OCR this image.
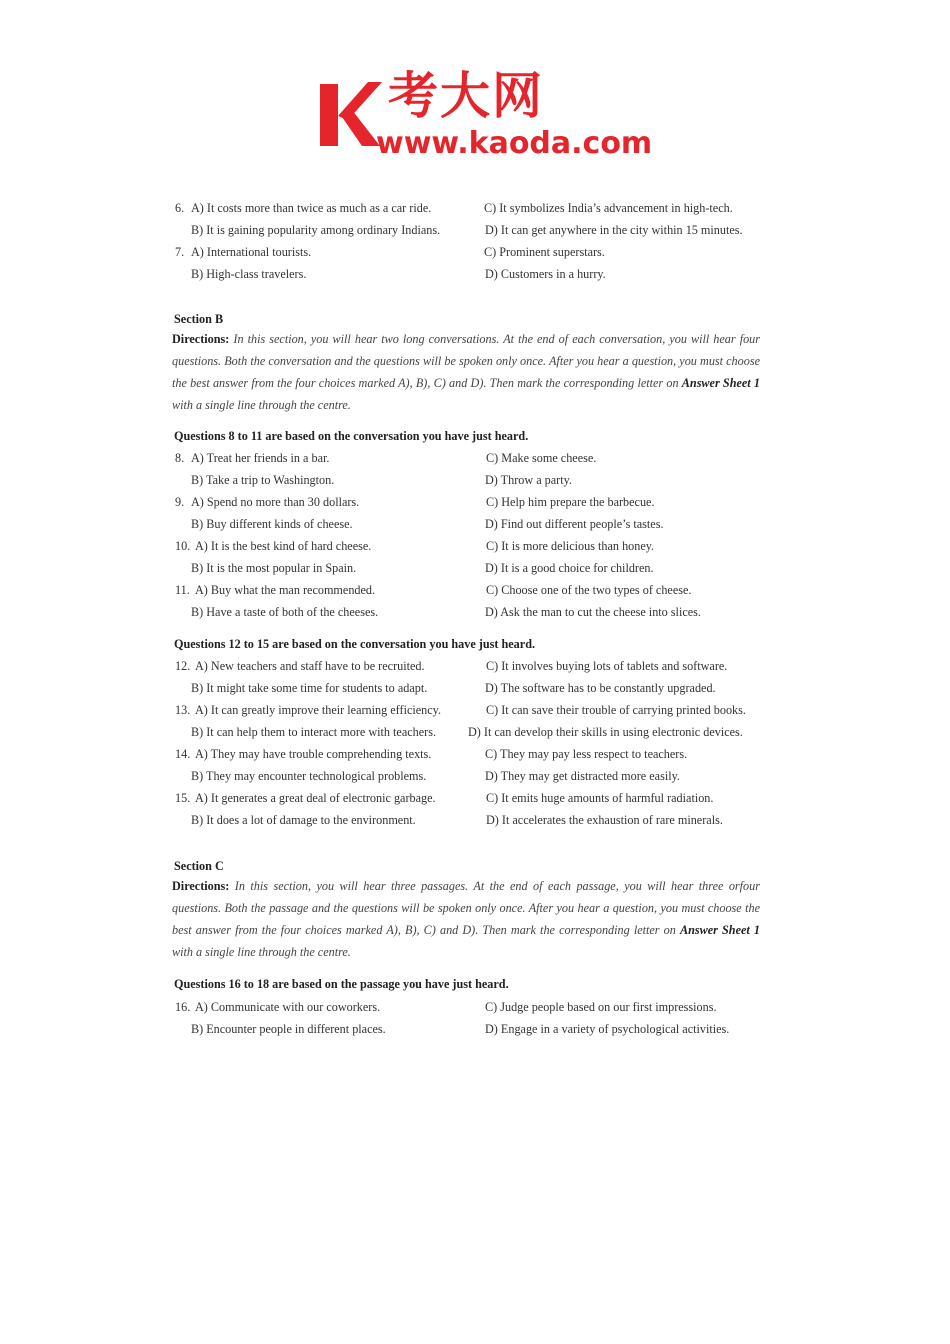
考大网
www.kaoda.com
6. A) It costs more than twice as much as a car ride.	C) It symbolizes India’s advancement in high-tech.
B) It is gaining popularity among ordinary Indians.	D) It can get anywhere in the city within 15 minutes.
7. A) International tourists.	C) Prominent superstars.
B) High-class travelers.	D) Customers in a hurry.
Section B
Directions: In this section, you will hear two long conversations. At the end of each conversation, you will hear four questions. Both the conversation and the questions will be spoken only once. After you hear a question, you must choose the best answer from the four choices marked A), B), C) and D). Then mark the corresponding letter on Answer Sheet 1 with a single line through the centre.
Questions 8 to 11 are based on the conversation you have just heard.
8. A) Treat her friends in a bar.	C) Make some cheese.
B) Take a trip to Washington.	D) Throw a party.
9. A) Spend no more than 30 dollars.	C) Help him prepare the barbecue.
B) Buy different kinds of cheese.	D) Find out different people’s tastes.
10. A) It is the best kind of hard cheese.	C) It is more delicious than honey.
B) It is the most popular in Spain.	D) It is a good choice for children.
11. A) Buy what the man recommended.	C) Choose one of the two types of cheese.
B) Have a taste of both of the cheeses.	D) Ask the man to cut the cheese into slices.
Questions 12 to 15 are based on the conversation you have just heard.
12. A) New teachers and staff have to be recruited.	C) It involves buying lots of tablets and software.
B) It might take some time for students to adapt.	D) The software has to be constantly upgraded.
13. A) It can greatly improve their learning efficiency.	C) It can save their trouble of carrying printed books.
B) It can help them to interact more with teachers.	D) It can develop their skills in using electronic devices.
14. A) They may have trouble comprehending texts.	C) They may pay less respect to teachers.
B) They may encounter technological problems.	D) They may get distracted more easily.
15. A) It generates a great deal of electronic garbage.	C) It emits huge amounts of harmful radiation.
B) It does a lot of damage to the environment.	D) It accelerates the exhaustion of rare minerals.
Section C
Directions: In this section, you will hear three passages. At the end of each passage, you will hear three orfour questions. Both the passage and the questions will be spoken only once. After you hear a question, you must choose the best answer from the four choices marked A), B), C) and D). Then mark the corresponding letter on Answer Sheet 1 with a single line through the centre.
Questions 16 to 18 are based on the passage you have just heard.
16. A) Communicate with our coworkers.	C) Judge people based on our first impressions.
B) Encounter people in different places.	D) Engage in a variety of psychological activities.
